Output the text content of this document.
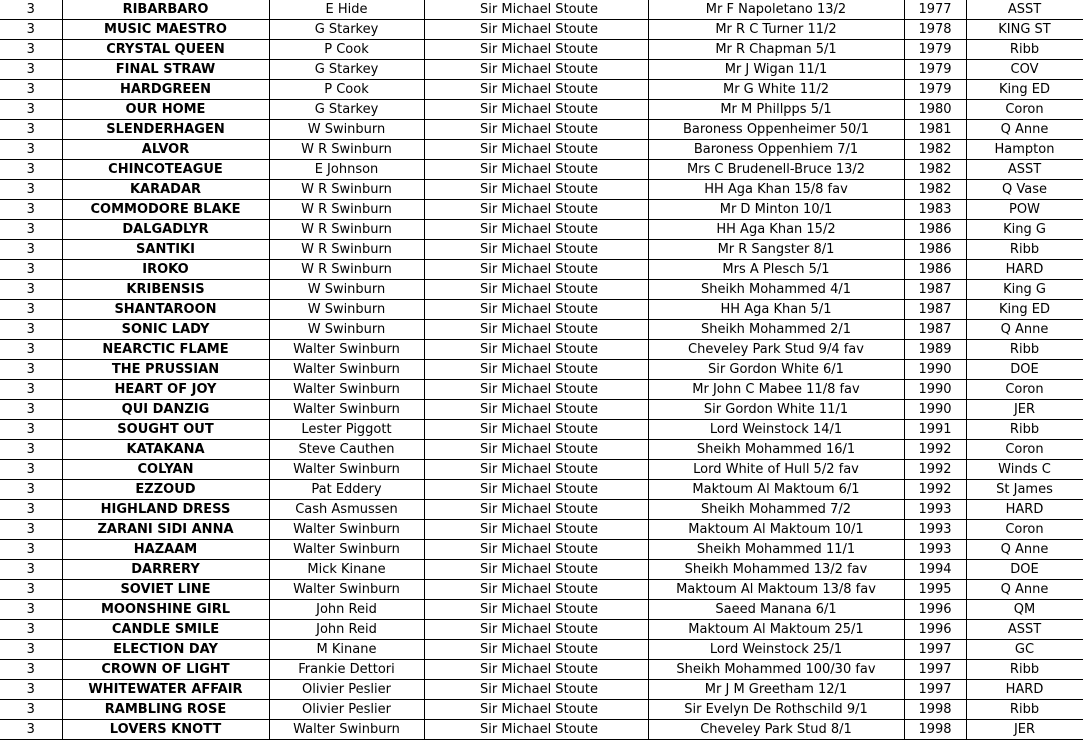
3	RIBARBARO	E Hide	Sir Michael Stoute	Mr F Napoletano 13/2	1977	ASST
3	MUSIC MAESTRO	G Starkey	Sir Michael Stoute	Mr R C Turner 11/2	1978	KING ST
3	CRYSTAL QUEEN	P Cook	Sir Michael Stoute	Mr R Chapman 5/1	1979	Ribb
3	FINAL STRAW	G Starkey	Sir Michael Stoute	Mr J Wigan 11/1	1979	COV
3	HARDGREEN	P Cook	Sir Michael Stoute	Mr G White 11/2	1979	King ED
3	OUR HOME	G Starkey	Sir Michael Stoute	Mr M Phillpps 5/1	1980	Coron
3	SLENDERHAGEN	W Swinburn	Sir Michael Stoute	Baroness Oppenheimer 50/1	1981	Q Anne
3	ALVOR	W R Swinburn	Sir Michael Stoute	Baroness Oppenhiem 7/1	1982	Hampton
3	CHINCOTEAGUE	E Johnson	Sir Michael Stoute	Mrs C Brudenell-Bruce 13/2	1982	ASST
3	KARADAR	W R Swinburn	Sir Michael Stoute	HH Aga Khan 15/8 fav	1982	Q Vase
3	COMMODORE BLAKE	W R Swinburn	Sir Michael Stoute	Mr D Minton 10/1	1983	POW
3	DALGADLYR	W R Swinburn	Sir Michael Stoute	HH Aga Khan 15/2	1986	King G
3	SANTIKI	W R Swinburn	Sir Michael Stoute	Mr R Sangster 8/1	1986	Ribb
3	IROKO	W R Swinburn	Sir Michael Stoute	Mrs A Plesch 5/1	1986	HARD
3	KRIBENSIS	W Swinburn	Sir Michael Stoute	Sheikh Mohammed 4/1	1987	King G
3	SHANTAROON	W Swinburn	Sir Michael Stoute	HH Aga Khan 5/1	1987	King ED
3	SONIC LADY	W Swinburn	Sir Michael Stoute	Sheikh Mohammed 2/1	1987	Q Anne
3	NEARCTIC FLAME	Walter Swinburn	Sir Michael Stoute	Cheveley Park Stud 9/4 fav	1989	Ribb
3	THE PRUSSIAN	Walter Swinburn	Sir Michael Stoute	Sir Gordon White 6/1	1990	DOE
3	HEART OF JOY	Walter Swinburn	Sir Michael Stoute	Mr John C Mabee 11/8 fav	1990	Coron
3	QUI DANZIG	Walter Swinburn	Sir Michael Stoute	Sir Gordon White 11/1	1990	JER
3	SOUGHT OUT	Lester Piggott	Sir Michael Stoute	Lord Weinstock 14/1	1991	Ribb
3	KATAKANA	Steve Cauthen	Sir Michael Stoute	Sheikh Mohammed 16/1	1992	Coron
3	COLYAN	Walter Swinburn	Sir Michael Stoute	Lord White of Hull 5/2 fav	1992	Winds C
3	EZZOUD	Pat Eddery	Sir Michael Stoute	Maktoum Al Maktoum 6/1	1992	St James
3	HIGHLAND DRESS	Cash Asmussen	Sir Michael Stoute	Sheikh Mohammed 7/2	1993	HARD
3	ZARANI SIDI ANNA	Walter Swinburn	Sir Michael Stoute	Maktoum Al Maktoum 10/1	1993	Coron
3	HAZAAM	Walter Swinburn	Sir Michael Stoute	Sheikh Mohammed 11/1	1993	Q Anne
3	DARRERY	Mick Kinane	Sir Michael Stoute	Sheikh Mohammed 13/2 fav	1994	DOE
3	SOVIET LINE	Walter Swinburn	Sir Michael Stoute	Maktoum Al Maktoum 13/8 fav	1995	Q Anne
3	MOONSHINE GIRL	John Reid	Sir Michael Stoute	Saeed Manana 6/1	1996	QM
3	CANDLE SMILE	John Reid	Sir Michael Stoute	Maktoum Al Maktoum 25/1	1996	ASST
3	ELECTION DAY	M Kinane	Sir Michael Stoute	Lord Weinstock 25/1	1997	GC
3	CROWN OF LIGHT	Frankie Dettori	Sir Michael Stoute	Sheikh Mohammed 100/30 fav	1997	Ribb
3	WHITEWATER AFFAIR	Olivier Peslier	Sir Michael Stoute	Mr J M Greetham 12/1	1997	HARD
3	RAMBLING ROSE	Olivier Peslier	Sir Michael Stoute	Sir Evelyn De Rothschild 9/1	1998	Ribb
3	LOVERS KNOTT	Walter Swinburn	Sir Michael Stoute	Cheveley Park Stud 8/1	1998	JER
